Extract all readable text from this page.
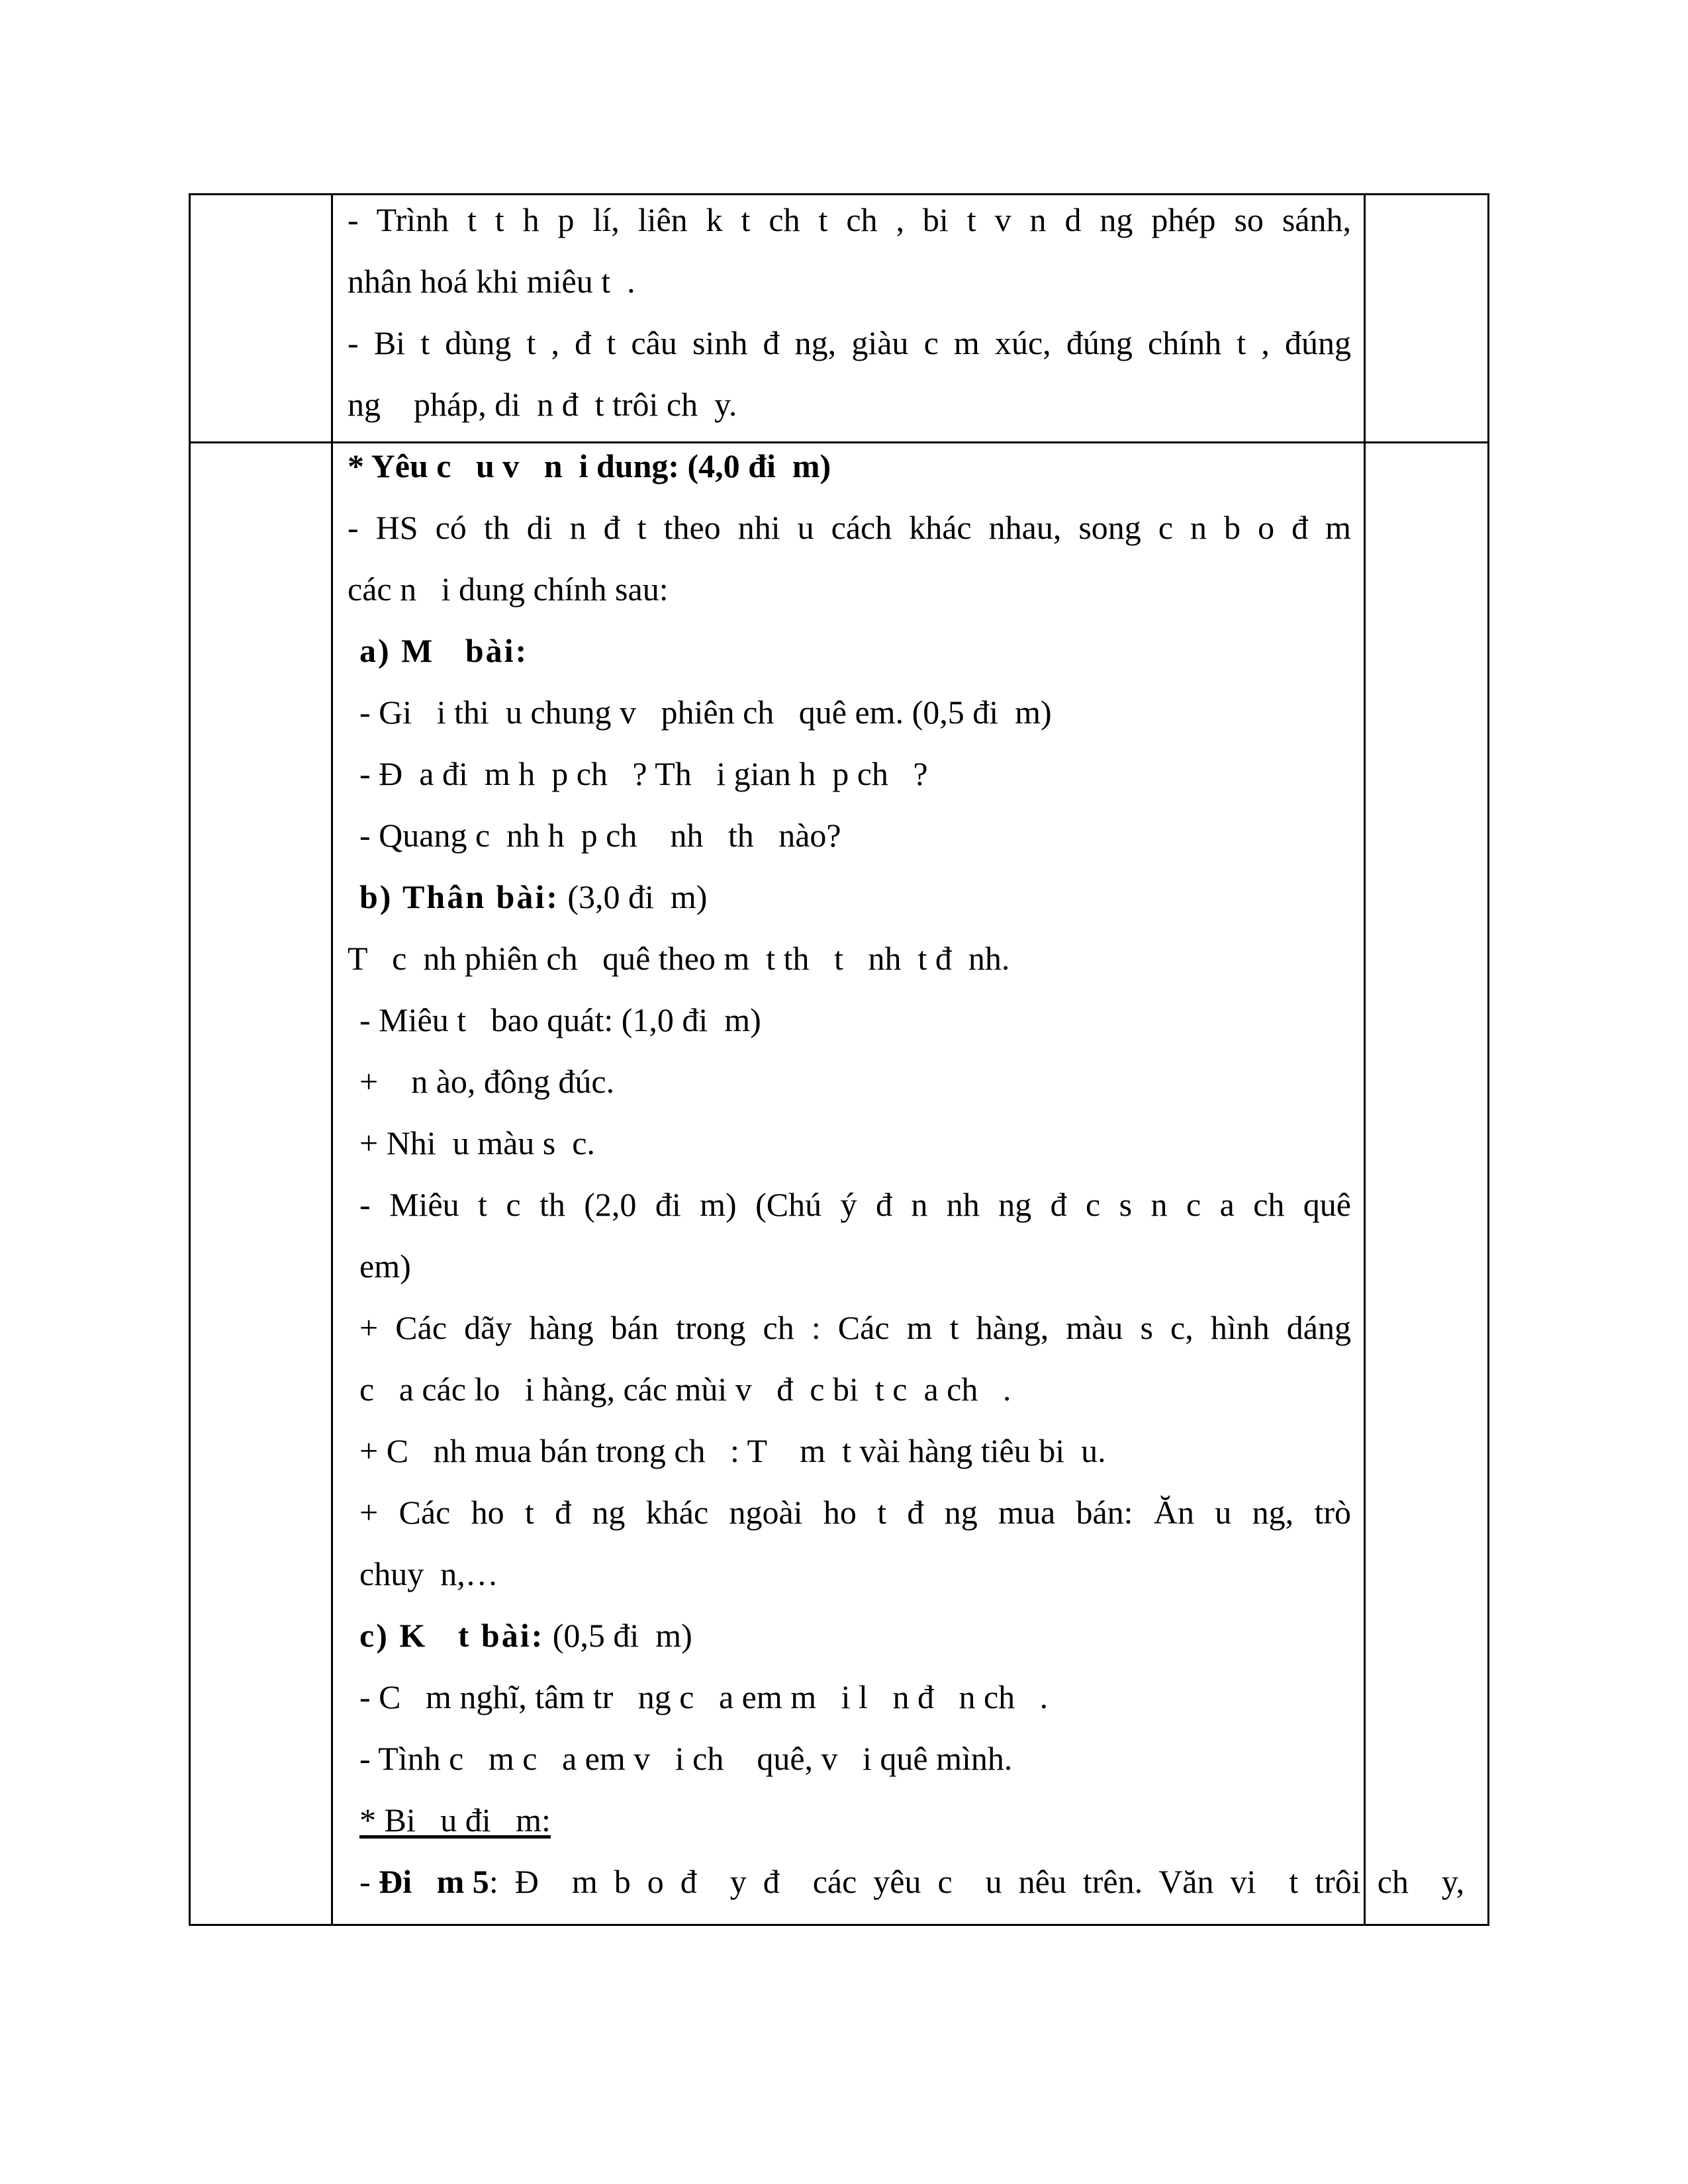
- Trình t t h p lí, liên k t ch t ch , bi t v n d ng phép so sánh,
nhân hoá khi miêu t  .
- Bi t dùng t , đ t câu sinh đ ng, giàu c m xúc, đúng chính t , đúng
ng    pháp, di  n đ  t trôi ch  y.
* Yêu c   u v   n  i dung: (4,0 đi  m)
- HS có th di n đ t theo nhi u cách khác nhau, song c n b o đ m
các n   i dung chính sau:
a) M   bài:
- Gi   i thi  u chung v   phiên ch   quê em. (0,5 đi  m)
- Đ  a đi  m h  p ch   ? Th   i gian h  p ch   ?
- Quang c  nh h  p ch    nh   th   nào?
b) Thân bài: (3,0 đi  m)
T   c  nh phiên ch   quê theo m  t th   t   nh  t đ  nh.
- Miêu t   bao quát: (1,0 đi  m)
+    n ào, đông đúc.
+ Nhi  u màu s  c.
- Miêu t c th (2,0 đi m) (Chú ý đ n nh ng đ c s n c a ch quê
em)
+ Các dãy hàng bán trong ch : Các m t hàng, màu s c, hình dáng
c   a các lo   i hàng, các mùi v   đ  c bi  t c  a ch   .
+ C   nh mua bán trong ch   : T    m  t vài hàng tiêu bi  u.
+ Các ho t đ ng khác ngoài ho t đ ng mua bán: Ăn u ng, trò
chuy  n,…
c) K   t bài: (0,5 đi  m)
- C   m nghĩ, tâm tr   ng c   a em m   i l   n đ   n ch   .
- Tình c   m c   a em v   i ch    quê, v   i quê mình.
* Bi   u đi   m:
- Đi   m 5:  Đ    m  b  o  đ    y  đ    các  yêu  c    u  nêu  trên.  Văn  vi    t  trôi  ch    y,
